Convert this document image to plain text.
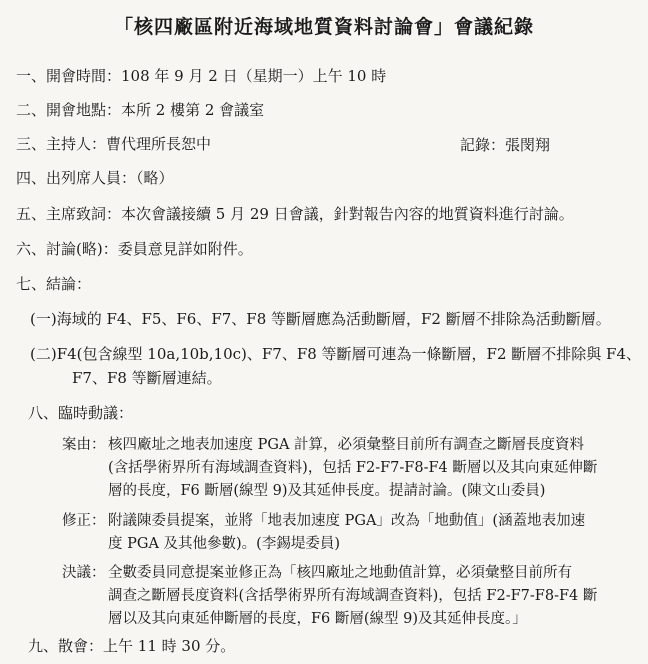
「核四廠區附近海域地質資料討論會」會議紀錄
一、開會時間：108 年 9 月 2 日（星期一）上午 10 時
二、開會地點：本所 2 樓第 2 會議室
三、主持人：曹代理所長恕中	記錄：張閔翔
四、出列席人員：（略）
五、主席致詞：本次會議接續 5 月 29 日會議，針對報告內容的地質資料進行討論。
六、討論(略)：委員意見詳如附件。
七、結論：
(一)海域的 F4、F5、F6、F7、F8 等斷層應為活動斷層，F2 斷層不排除為活動斷層。
(二)F4(包含線型 10a,10b,10c)、F7、F8 等斷層可連為一條斷層，F2 斷層不排除與 F4、
F7、F8 等斷層連結。
八、臨時動議：
案由： 核四廠址之地表加速度 PGA 計算，必須彙整目前所有調查之斷層長度資料
(含括學術界所有海域調查資料)，包括 F2-F7-F8-F4 斷層以及其向東延伸斷
層的長度，F6 斷層(線型 9)及其延伸長度。提請討論。(陳文山委員)
修正： 附議陳委員提案，並將「地表加速度 PGA」改為「地動值」(涵蓋地表加速
度 PGA 及其他參數)。(李錫堤委員)
決議： 全數委員同意提案並修正為「核四廠址之地動值計算，必須彙整目前所有
調查之斷層長度資料(含括學術界所有海域調查資料)，包括 F2-F7-F8-F4 斷
層以及其向東延伸斷層的長度，F6 斷層(線型 9)及其延伸長度。」
九、散會：上午 11 時 30 分。
